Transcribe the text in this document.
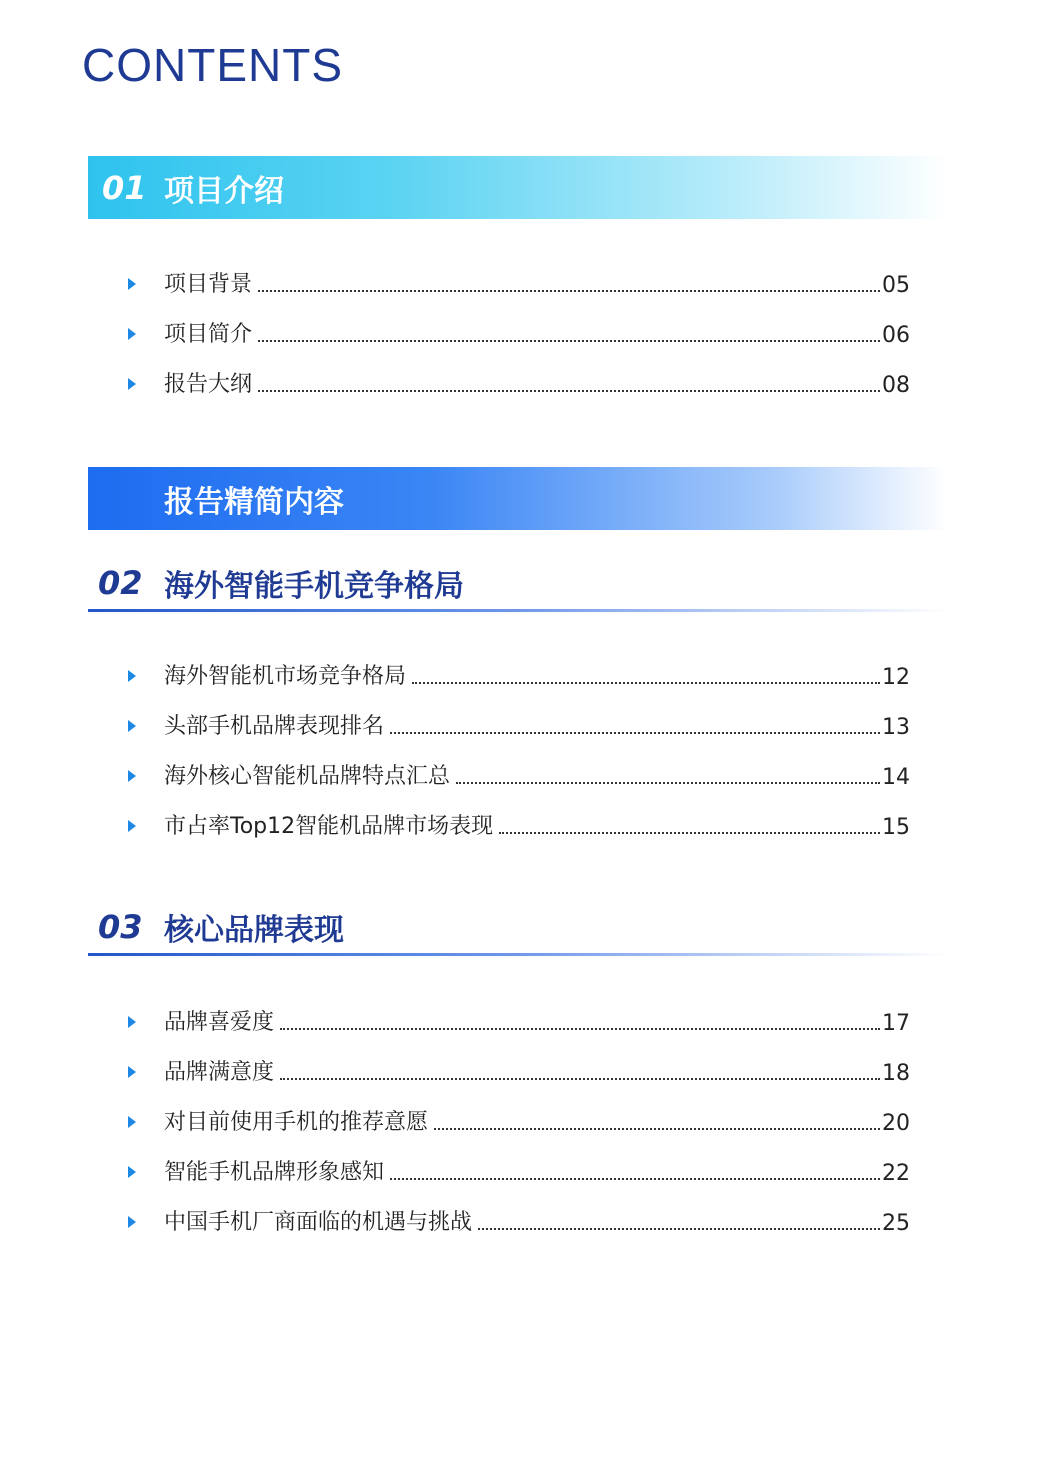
CONTENTS
01 项目介绍
项目背景	05
项目简介	06
报告大纲	08
报告精简内容
02 海外智能手机竞争格局
海外智能机市场竞争格局	12
头部手机品牌表现排名	13
海外核心智能机品牌特点汇总	14
市占率Top12智能机品牌市场表现	15
03 核心品牌表现
品牌喜爱度	17
品牌满意度	18
对目前使用手机的推荐意愿	20
智能手机品牌形象感知	22
中国手机厂商面临的机遇与挑战	25
